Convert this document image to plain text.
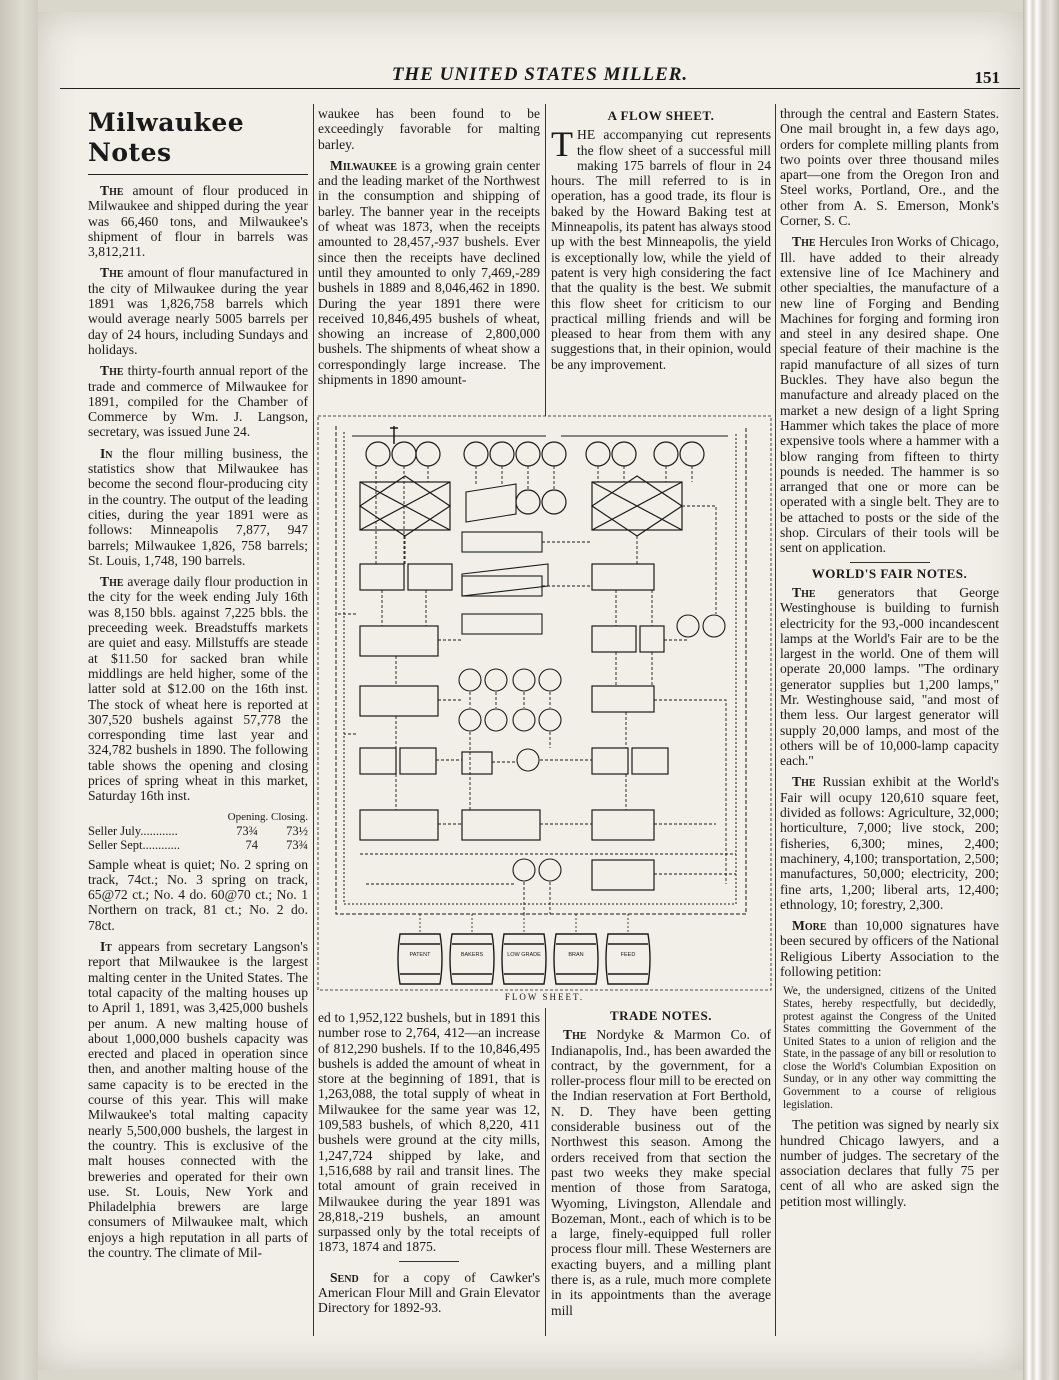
THE UNITED STATES MILLER.	151
Milwaukee Notes

The amount of flour produced in Milwaukee and shipped during the year was 66,460 tons, and Milwaukee's shipment of flour in barrels was 3,812,211.

The amount of flour manufactured in the city of Milwaukee during the year 1891 was 1,826,758 barrels which would average nearly 5005 barrels per day of 24 hours, including Sundays and holidays.

The thirty-fourth annual report of the trade and commerce of Milwaukee for 1891, compiled for the Chamber of Commerce by Wm. J. Langson, secretary, was issued June 24.

In the flour milling business, the statistics show that Milwaukee has become the second flour-producing city in the country. The output of the leading cities, during the year 1891 were as follows: Minneapolis 7,877, 947 barrels; Milwaukee 1,826, 758 barrels; St. Louis, 1,748, 190 barrels.

The average daily flour production in the city for the week ending July 16th was 8,150 bbls. against 7,225 bbls. the preceeding week. Breadstuffs markets are quiet and easy. Millstuffs are steade at $11.50 for sacked bran while middlings are held higher, some of the latter sold at $12.00 on the 16th inst. The stock of wheat here is reported at 307,520 bushels against 57,778 the corresponding time last year and 324,782 bushels in 1890. The following table shows the opening and closing prices of spring wheat in this market, Saturday 16th inst.

Opening. Closing.
Seller July............	73¾	73½
Seller Sept............	74	73¾

Sample wheat is quiet; No. 2 spring on track, 74ct.; No. 3 spring on track, 65@72 ct.; No. 4 do. 60@70 ct.; No. 1 Northern on track, 81 ct.; No. 2 do. 78ct.

It appears from secretary Langson's report that Milwaukee is the largest malting center in the United States. The total capacity of the malting houses up to April 1, 1891, was 3,425,000 bushels per anum. A new malting house of about 1,000,000 bushels capacity was erected and placed in operation since then, and another malting house of the same capacity is to be erected in the course of this year. This will make Milwaukee's total malting capacity nearly 5,500,000 bushels, the largest in the country. This is exclusive of the malt houses connected with the breweries and operated for their own use. St. Louis, New York and Philadelphia brewers are large consumers of Milwaukee malt, which enjoys a high reputation in all parts of the country. The climate of Mil-

waukee has been found to be exceedingly favorable for malting barley.

Milwaukee is a growing grain center and the leading market of the Northwest in the consumption and shipping of barley. The banner year in the receipts of wheat was 1873, when the receipts amounted to 28,457,-937 bushels. Ever since then the receipts have declined until they amounted to only 7,469,-289 bushels in 1889 and 8,046,462 in 1890. During the year 1891 there were received 10,846,495 bushels of wheat, showing an increase of 2,800,000 bushels. The shipments of wheat show a correspondingly large increase. The shipments in 1890 amount-

A FLOW SHEET.

THE accompanying cut represents the flow sheet of a successful mill making 175 barrels of flour in 24 hours. The mill referred to is in operation, has a good trade, its flour is baked by the Howard Baking test at Minneapolis, its patent has always stood up with the best Minneapolis, the yield is exceptionally low, while the yield of patent is very high considering the fact that the quality is the best. We submit this flow sheet for criticism to our practical milling friends and will be pleased to hear from them with any suggestions that, in their opinion, would be any improvement.

PATENT	BAKERS	LOW GRADE	BRAN	FEED
FLOW SHEET.

ed to 1,952,122 bushels, but in 1891 this number rose to 2,764, 412—an increase of 812,290 bushels. If to the 10,846,495 bushels is added the amount of wheat in store at the beginning of 1891, that is 1,263,088, the total supply of wheat in Milwaukee for the same year was 12, 109,583 bushels, of which 8,220, 411 bushels were ground at the city mills, 1,247,724 shipped by lake, and 1,516,688 by rail and transit lines. The total amount of grain received in Milwaukee during the year 1891 was 28,818,-219 bushels, an amount surpassed only by the total receipts of 1873, 1874 and 1875.

Send for a copy of Cawker's American Flour Mill and Grain Elevator Directory for 1892-93.

TRADE NOTES.

The Nordyke & Marmon Co. of Indianapolis, Ind., has been awarded the contract, by the government, for a roller-process flour mill to be erected on the Indian reservation at Fort Berthold, N. D. They have been getting considerable business out of the Northwest this season. Among the orders received from that section the past two weeks they make special mention of those from Saratoga, Wyoming, Livingston, Allendale and Bozeman, Mont., each of which is to be a large, finely-equipped full roller process flour mill. These Westerners are exacting buyers, and a milling plant there is, as a rule, much more complete in its appointments than the average mill

through the central and Eastern States. One mail brought in, a few days ago, orders for complete milling plants from two points over three thousand miles apart—one from the Oregon Iron and Steel works, Portland, Ore., and the other from A. S. Emerson, Monk's Corner, S. C.

The Hercules Iron Works of Chicago, Ill. have added to their already extensive line of Ice Machinery and other specialties, the manufacture of a new line of Forging and Bending Machines for forging and forming iron and steel in any desired shape. One special feature of their machine is the rapid manufacture of all sizes of turn Buckles. They have also begun the manufacture and already placed on the market a new design of a light Spring Hammer which takes the place of more expensive tools where a hammer with a blow ranging from fifteen to thirty pounds is needed. The hammer is so arranged that one or more can be operated with a single belt. They are to be attached to posts or the side of the shop. Circulars of their tools will be sent on application.

WORLD'S FAIR NOTES.

The generators that George Westinghouse is building to furnish electricity for the 93,-000 incandescent lamps at the World's Fair are to be the largest in the world. One of them will operate 20,000 lamps. "The ordinary generator supplies but 1,200 lamps," Mr. Westinghouse said, "and most of them less. Our largest generator will supply 20,000 lamps, and most of the others will be of 10,000-lamp capacity each."

The Russian exhibit at the World's Fair will ocupy 120,610 square feet, divided as follows: Agriculture, 32,000; horticulture, 7,000; live stock, 200; fisheries, 6,300; mines, 2,400; machinery, 4,100; transportation, 2,500; manufactures, 50,000; electricity, 200; fine arts, 1,200; liberal arts, 12,400; ethnology, 10; forestry, 2,300.

More than 10,000 signatures have been secured by officers of the National Religious Liberty Association to the following petition:

We, the undersigned, citizens of the United States, hereby respectfully, but decidedly, protest against the Congress of the United States committing the Government of the United States to a union of religion and the State, in the passage of any bill or resolution to close the World's Columbian Exposition on Sunday, or in any other way committing the Government to a course of religious legislation.

The petition was signed by nearly six hundred Chicago lawyers, and a number of judges. The secretary of the association declares that fully 75 per cent of all who are asked sign the petition most willingly.
